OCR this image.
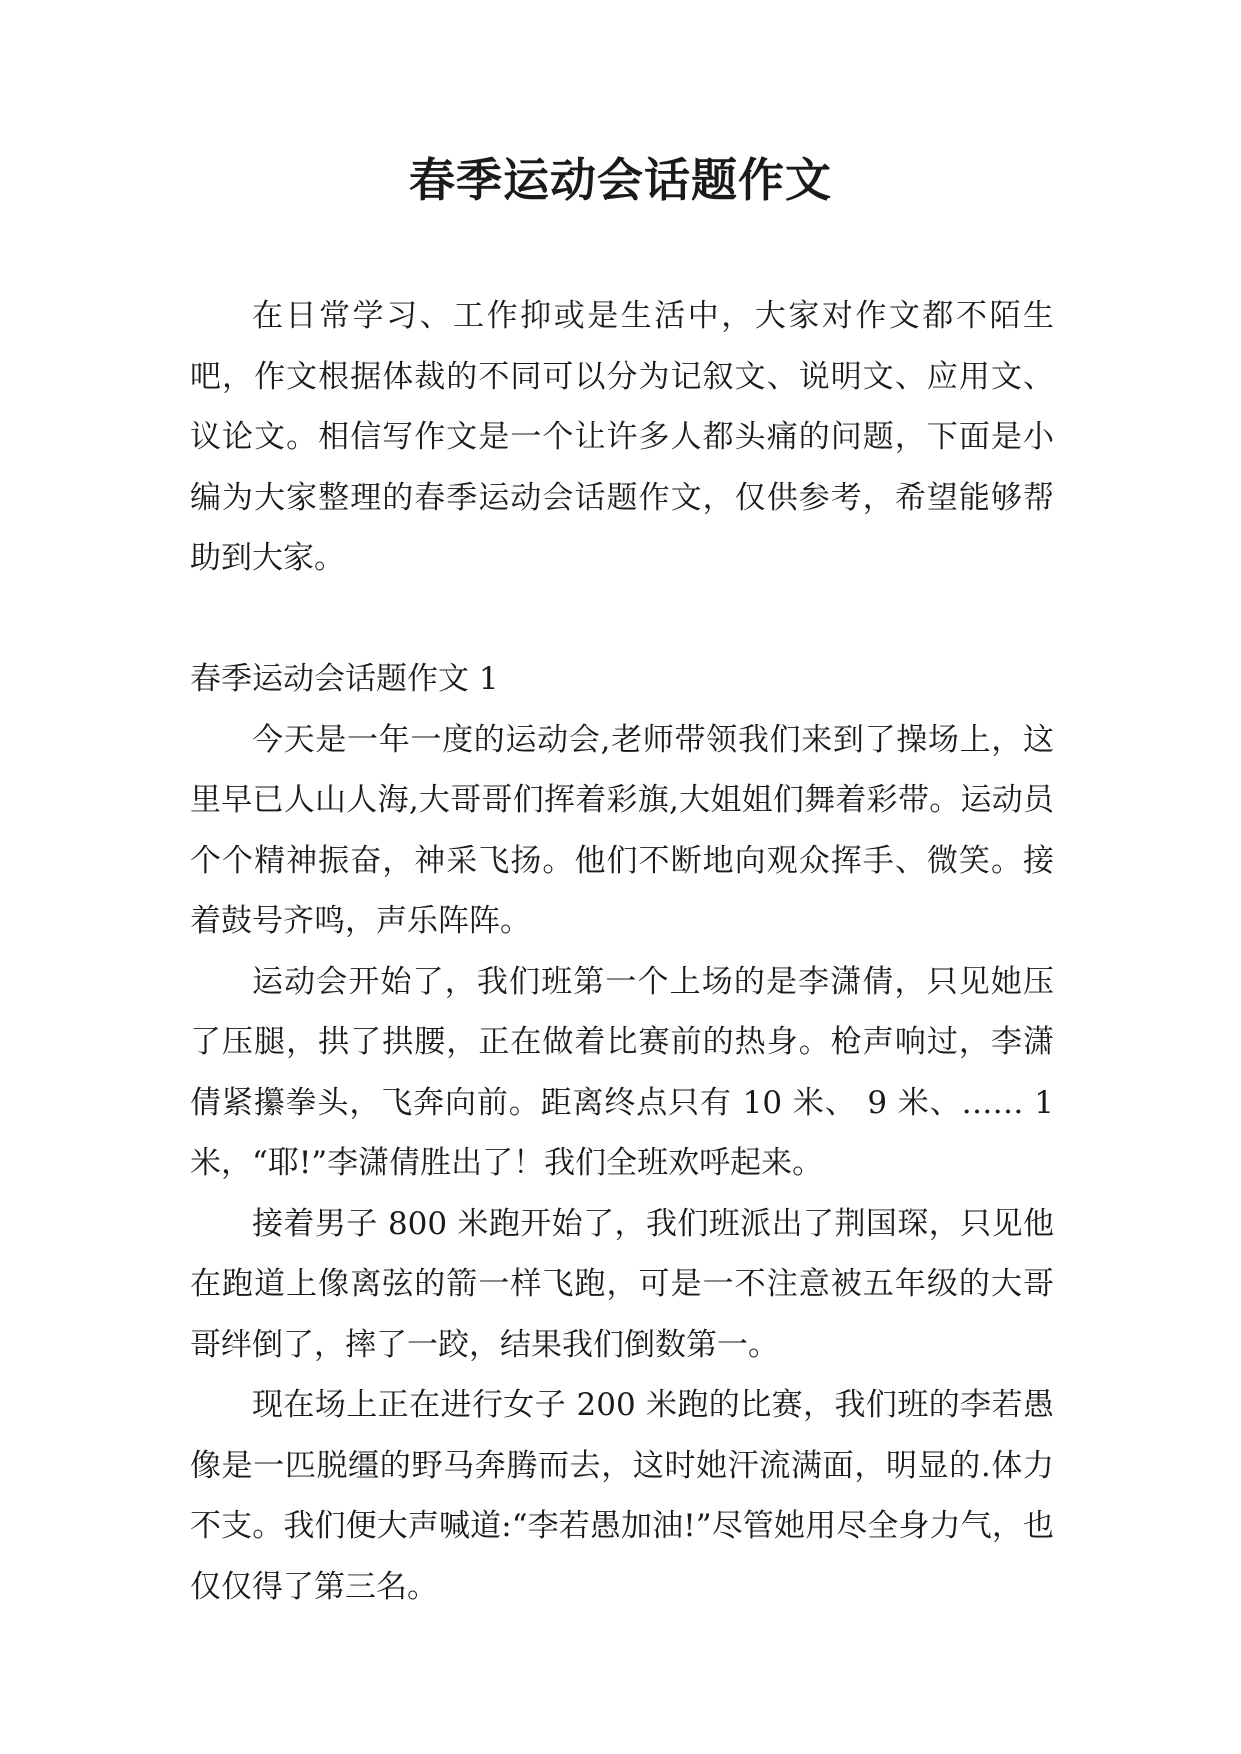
春季运动会话题作文

在日常学习、工作抑或是生活中，大家对作文都不陌生吧，作文根据体裁的不同可以分为记叙文、说明文、应用文、议论文。相信写作文是一个让许多人都头痛的问题，下面是小编为大家整理的春季运动会话题作文，仅供参考，希望能够帮助到大家。

春季运动会话题作文 1

今天是一年一度的运动会,老师带领我们来到了操场上，这里早已人山人海,大哥哥们挥着彩旗,大姐姐们舞着彩带。运动员个个精神振奋，神采飞扬。他们不断地向观众挥手、微笑。接着鼓号齐鸣，声乐阵阵。

运动会开始了，我们班第一个上场的是李潇倩，只见她压了压腿，拱了拱腰，正在做着比赛前的热身。枪声响过，李潇倩紧攥拳头，飞奔向前。距离终点只有 10 米、 9 米、…… 1 米，“耶!”李潇倩胜出了！我们全班欢呼起来。

接着男子 800 米跑开始了，我们班派出了荆国琛，只见他在跑道上像离弦的箭一样飞跑，可是一不注意被五年级的大哥哥绊倒了，摔了一跤，结果我们倒数第一。

现在场上正在进行女子 200 米跑的比赛，我们班的李若愚像是一匹脱缰的野马奔腾而去，这时她汗流满面，明显的.体力不支。我们便大声喊道:“李若愚加油!”尽管她用尽全身力气，也仅仅得了第三名。
